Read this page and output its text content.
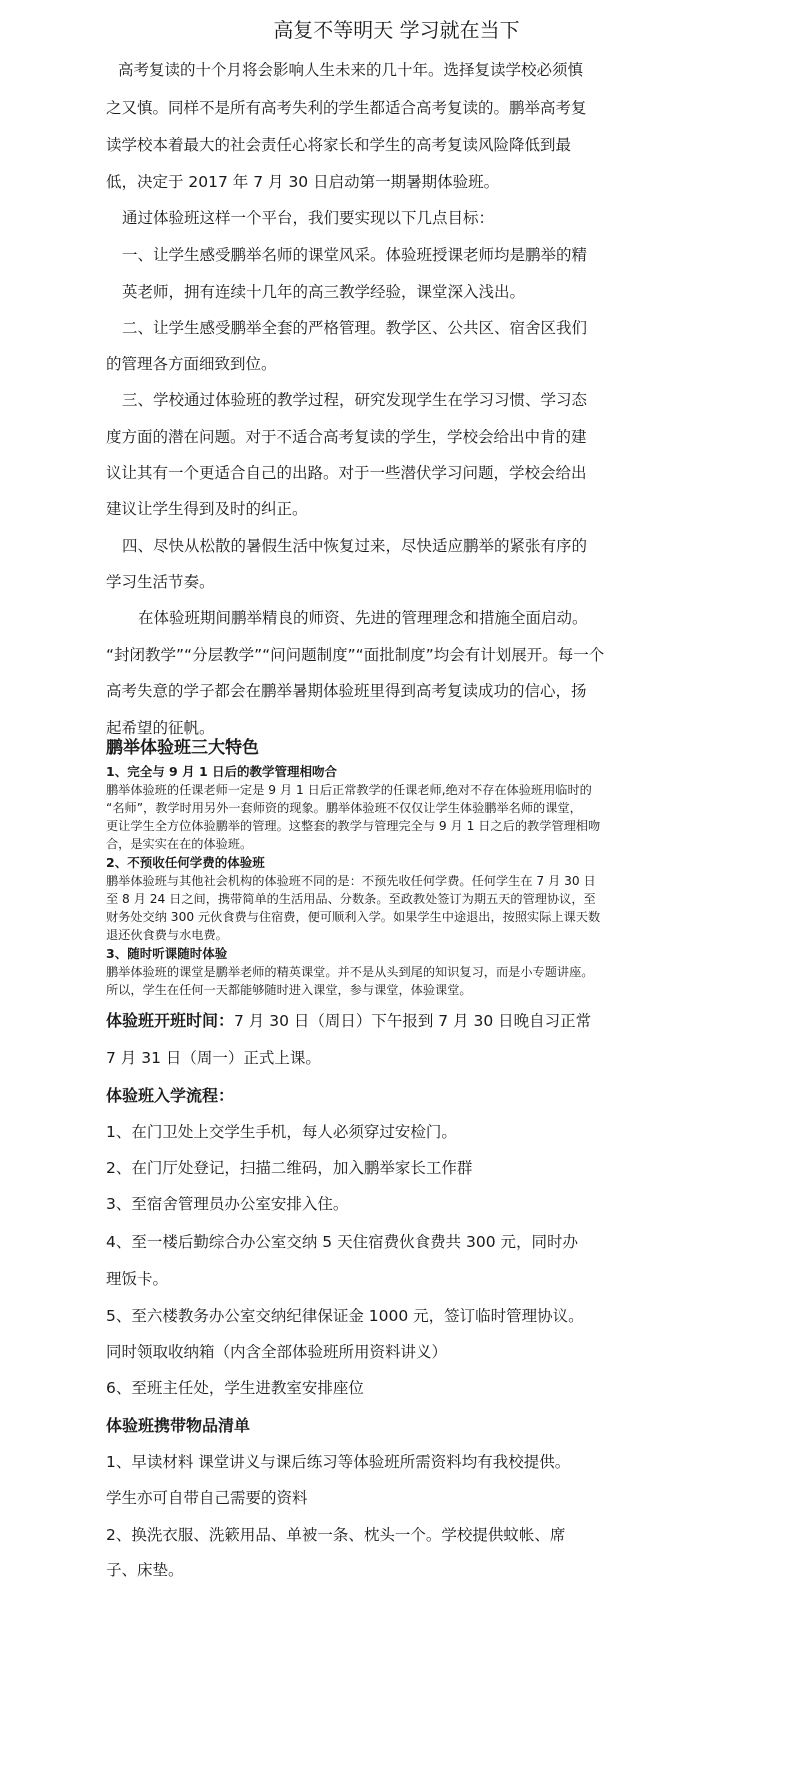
高复不等明天 学习就在当下
高考复读的十个月将会影响人生未来的几十年。选择复读学校必须慎
之又慎。同样不是所有高考失利的学生都适合高考复读的。鹏举高考复
读学校本着最大的社会责任心将家长和学生的高考复读风险降低到最
低，决定于 2017 年 7 月 30 日启动第一期暑期体验班。
通过体验班这样一个平台，我们要实现以下几点目标：
一、让学生感受鹏举名师的课堂风采。体验班授课老师均是鹏举的精
英老师，拥有连续十几年的高三教学经验，课堂深入浅出。
二、让学生感受鹏举全套的严格管理。教学区、公共区、宿舍区我们
的管理各方面细致到位。
三、学校通过体验班的教学过程，研究发现学生在学习习惯、学习态
度方面的潜在问题。对于不适合高考复读的学生，学校会给出中肯的建
议让其有一个更适合自己的出路。对于一些潜伏学习问题，学校会给出
建议让学生得到及时的纠正。
四、尽快从松散的暑假生活中恢复过来，尽快适应鹏举的紧张有序的
学习生活节奏。
在体验班期间鹏举精良的师资、先进的管理理念和措施全面启动。
“封闭教学”“分层教学”“问问题制度”“面批制度”均会有计划展开。每一个
高考失意的学子都会在鹏举暑期体验班里得到高考复读成功的信心，扬
起希望的征帆。
鹏举体验班三大特色
1、完全与 9 月 1 日后的教学管理相吻合
鹏举体验班的任课老师一定是 9 月 1 日后正常教学的任课老师,绝对不存在体验班用临时的
“名师”，教学时用另外一套师资的现象。鹏举体验班不仅仅让学生体验鹏举名师的课堂，
更让学生全方位体验鹏举的管理。这整套的教学与管理完全与 9 月 1 日之后的教学管理相吻
合，是实实在在的体验班。
2、不预收任何学费的体验班
鹏举体验班与其他社会机构的体验班不同的是：不预先收任何学费。任何学生在 7 月 30 日
至 8 月 24 日之间，携带简单的生活用品、分数条。至政教处签订为期五天的管理协议，至
财务处交纳 300 元伙食费与住宿费，便可顺利入学。如果学生中途退出，按照实际上课天数
退还伙食费与水电费。
3、随时听课随时体验
鹏举体验班的课堂是鹏举老师的精英课堂。并不是从头到尾的知识复习，而是小专题讲座。
所以，学生在任何一天都能够随时进入课堂，参与课堂，体验课堂。
体验班开班时间：7 月 30 日（周日）下午报到 7 月 30 日晚自习正常
7 月 31 日（周一）正式上课。
体验班入学流程：
1、在门卫处上交学生手机，每人必须穿过安检门。
2、在门厅处登记，扫描二维码，加入鹏举家长工作群
3、至宿舍管理员办公室安排入住。
4、至一楼后勤综合办公室交纳 5 天住宿费伙食费共 300 元，同时办
理饭卡。
5、至六楼教务办公室交纳纪律保证金 1000 元，签订临时管理协议。
同时领取收纳箱（内含全部体验班所用资料讲义）
6、至班主任处，学生进教室安排座位
体验班携带物品清单
1、早读材料 课堂讲义与课后练习等体验班所需资料均有我校提供。
学生亦可自带自己需要的资料
2、换洗衣服、洗簌用品、单被一条、枕头一个。学校提供蚊帐、席
子、床垫。
